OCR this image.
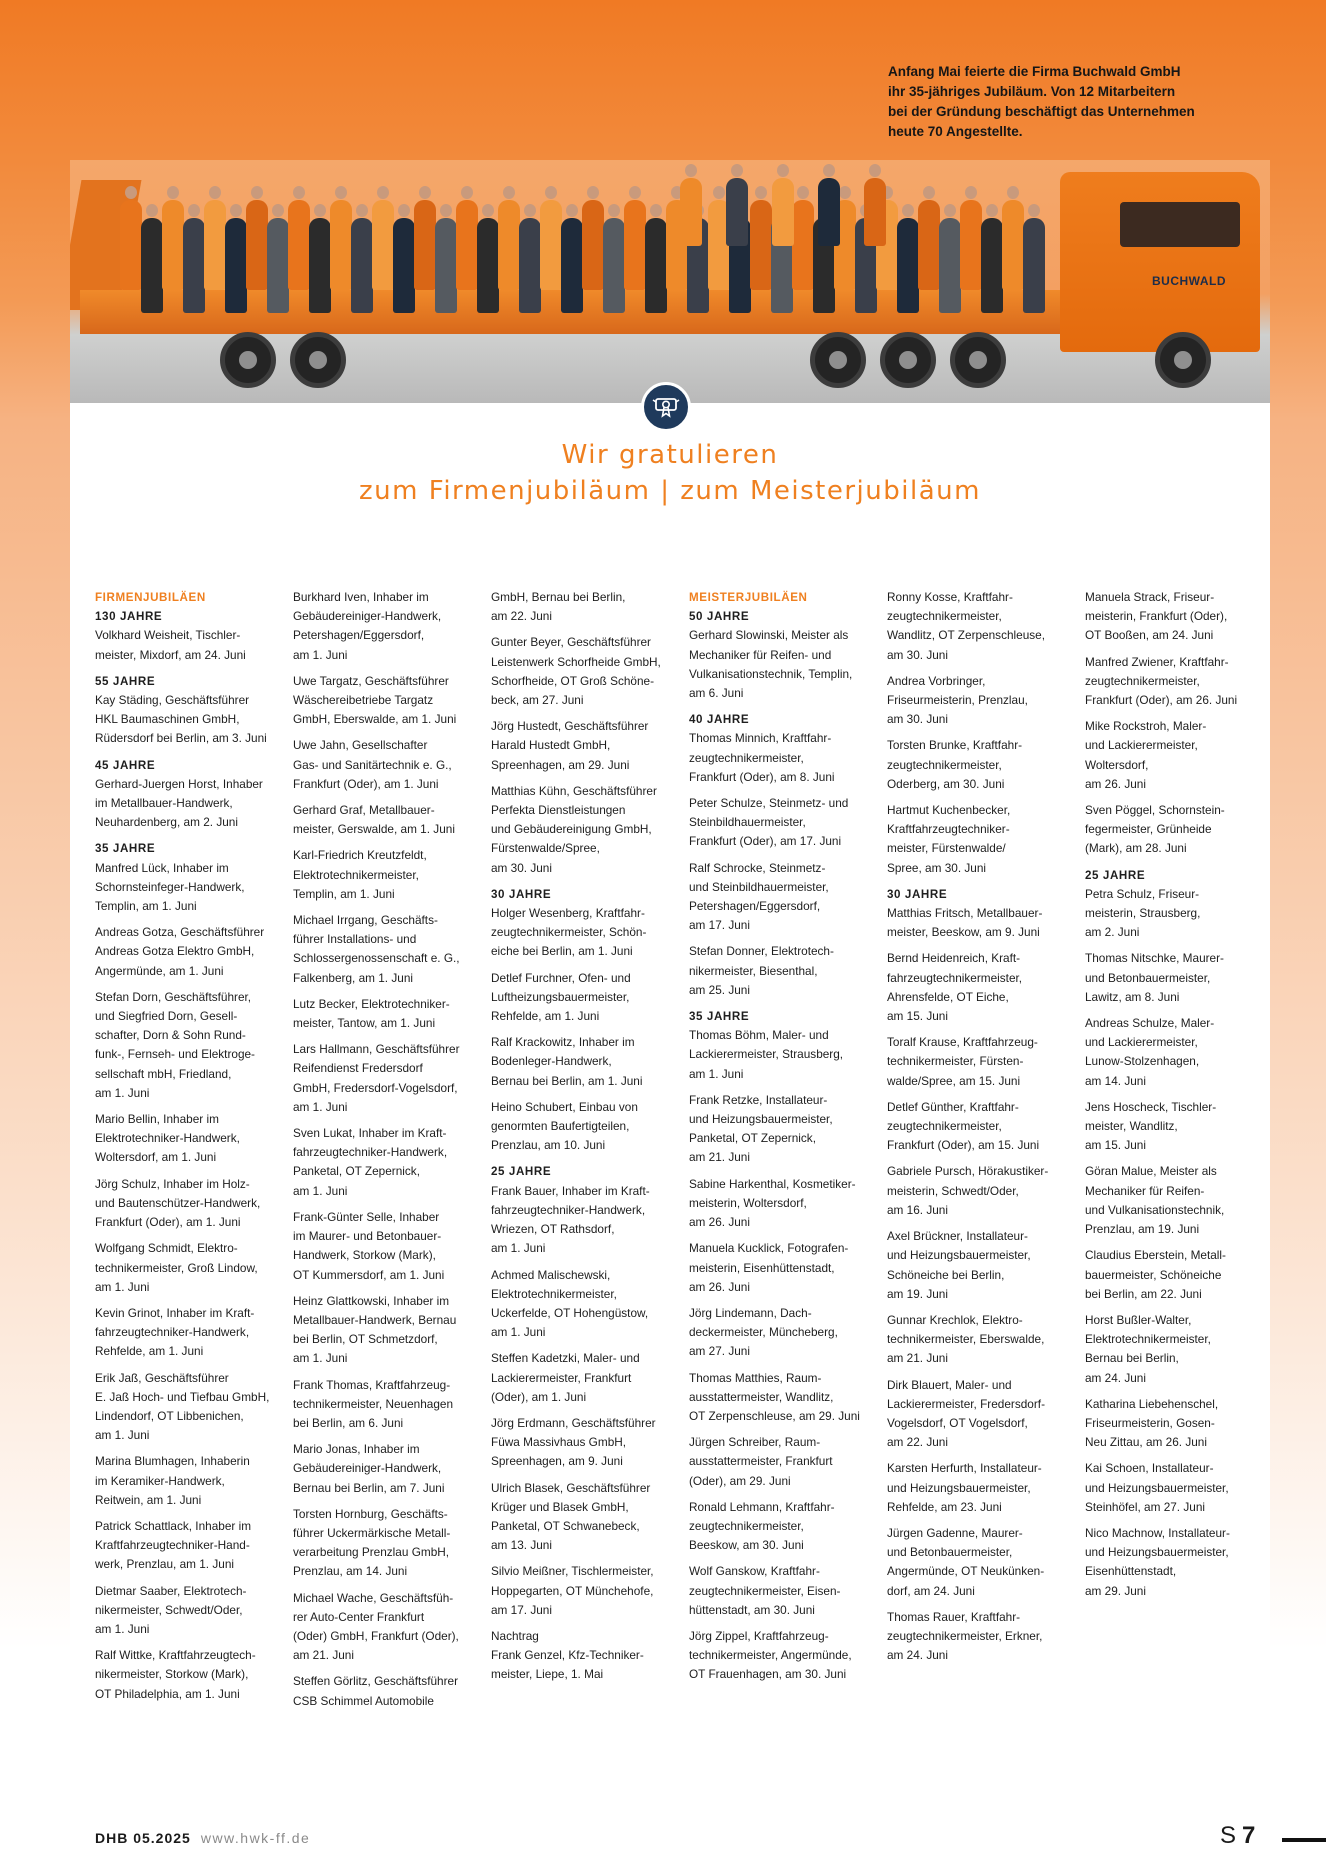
Anfang Mai feierte die Firma Buchwald GmbH
ihr 35-jähriges Jubiläum. Von 12 Mitarbeitern
bei der Gründung beschäftigt das Unternehmen
heute 70 Angestellte.
BUCHWALD
Wir gratulieren
zum Firmenjubiläum | zum Meisterjubiläum
FIRMENJUBILÄEN
130 JAHRE
Volkhard Weisheit, Tischler-
meister, Mixdorf, am 24. Juni
55 JAHRE
Kay Städing, Geschäftsführer
HKL Baumaschinen GmbH,
Rüdersdorf bei Berlin, am 3. Juni
45 JAHRE
Gerhard-Juergen Horst, Inhaber
im Metallbauer-Handwerk,
Neuhardenberg, am 2. Juni
35 JAHRE
Manfred Lück, Inhaber im
Schornsteinfeger-Handwerk,
Templin, am 1. Juni
Andreas Gotza, Geschäftsführer
Andreas Gotza Elektro GmbH,
Angermünde, am 1. Juni
Stefan Dorn, Geschäftsführer,
und Siegfried Dorn, Gesell-
schafter, Dorn & Sohn Rund-
funk-, Fernseh- und Elektroge-
sellschaft mbH, Friedland,
am 1. Juni
Mario Bellin, Inhaber im
Elektrotechniker-Handwerk,
Woltersdorf, am 1. Juni
Jörg Schulz, Inhaber im Holz-
und Bautenschützer-Handwerk,
Frankfurt (Oder), am 1. Juni
Wolfgang Schmidt, Elektro-
technikermeister, Groß Lindow,
am 1. Juni
Kevin Grinot, Inhaber im Kraft-
fahrzeugtechniker-Handwerk,
Rehfelde, am 1. Juni
Erik Jaß, Geschäftsführer
E. Jaß Hoch- und Tiefbau GmbH,
Lindendorf, OT Libbenichen,
am 1. Juni
Marina Blumhagen, Inhaberin
im Keramiker-Handwerk,
Reitwein, am 1. Juni
Patrick Schattlack, Inhaber im
Kraftfahrzeugtechniker-Hand-
werk, Prenzlau, am 1. Juni
Dietmar Saaber, Elektrotech-
nikermeister, Schwedt/Oder,
am 1. Juni
Ralf Wittke, Kraftfahrzeugtech-
nikermeister, Storkow (Mark),
OT Philadelphia, am 1. Juni
Burkhard Iven, Inhaber im
Gebäudereiniger-Handwerk,
Petershagen/Eggersdorf,
am 1. Juni
Uwe Targatz, Geschäftsführer
Wäschereibetriebe Targatz
GmbH, Eberswalde, am 1. Juni
Uwe Jahn, Gesellschafter
Gas- und Sanitärtechnik e. G.,
Frankfurt (Oder), am 1. Juni
Gerhard Graf, Metallbauer-
meister, Gerswalde, am 1. Juni
Karl-Friedrich Kreutzfeldt,
Elektrotechnikermeister,
Templin, am 1. Juni
Michael Irrgang, Geschäfts-
führer Installations- und
Schlossergenossenschaft e. G.,
Falkenberg, am 1. Juni
Lutz Becker, Elektrotechniker-
meister, Tantow, am 1. Juni
Lars Hallmann, Geschäftsführer
Reifendienst Fredersdorf
GmbH, Fredersdorf-Vogelsdorf,
am 1. Juni
Sven Lukat, Inhaber im Kraft-
fahrzeugtechniker-Handwerk,
Panketal, OT Zepernick,
am 1. Juni
Frank-Günter Selle, Inhaber
im Maurer- und Betonbauer-
Handwerk, Storkow (Mark),
OT Kummersdorf, am 1. Juni
Heinz Glattkowski, Inhaber im
Metallbauer-Handwerk, Bernau
bei Berlin, OT Schmetzdorf,
am 1. Juni
Frank Thomas, Kraftfahrzeug-
technikermeister, Neuenhagen
bei Berlin, am 6. Juni
Mario Jonas, Inhaber im
Gebäudereiniger-Handwerk,
Bernau bei Berlin, am 7. Juni
Torsten Hornburg, Geschäfts-
führer Uckermärkische Metall-
verarbeitung Prenzlau GmbH,
Prenzlau, am 14. Juni
Michael Wache, Geschäftsfüh-
rer Auto-Center Frankfurt
(Oder) GmbH, Frankfurt (Oder),
am 21. Juni
Steffen Görlitz, Geschäftsführer
CSB Schimmel Automobile
GmbH, Bernau bei Berlin,
am 22. Juni
Gunter Beyer, Geschäftsführer
Leistenwerk Schorfheide GmbH,
Schorfheide, OT Groß Schöne-
beck, am 27. Juni
Jörg Hustedt, Geschäftsführer
Harald Hustedt GmbH,
Spreenhagen, am 29. Juni
Matthias Kühn, Geschäftsführer
Perfekta Dienstleistungen
und Gebäudereinigung GmbH,
Fürstenwalde/Spree,
am 30. Juni
30 JAHRE
Holger Wesenberg, Kraftfahr-
zeugtechnikermeister, Schön-
eiche bei Berlin, am 1. Juni
Detlef Furchner, Ofen- und
Luftheizungsbauermeister,
Rehfelde, am 1. Juni
Ralf Krackowitz, Inhaber im
Bodenleger-Handwerk,
Bernau bei Berlin, am 1. Juni
Heino Schubert, Einbau von
genormten Baufertigteilen,
Prenzlau, am 10. Juni
25 JAHRE
Frank Bauer, Inhaber im Kraft-
fahrzeugtechniker-Handwerk,
Wriezen, OT Rathsdorf,
am 1. Juni
Achmed Malischewski,
Elektrotechnikermeister,
Uckerfelde, OT Hohengüstow,
am 1. Juni
Steffen Kadetzki, Maler- und
Lackierermeister, Frankfurt
(Oder), am 1. Juni
Jörg Erdmann, Geschäftsführer
Füwa Massivhaus GmbH,
Spreenhagen, am 9. Juni
Ulrich Blasek, Geschäftsführer
Krüger und Blasek GmbH,
Panketal, OT Schwanebeck,
am 13. Juni
Silvio Meißner, Tischlermeister,
Hoppegarten, OT Münchehofe,
am 17. Juni
Nachtrag
Frank Genzel, Kfz-Techniker-
meister, Liepe, 1. Mai
MEISTERJUBILÄEN
50 JAHRE
Gerhard Slowinski, Meister als
Mechaniker für Reifen- und
Vulkanisationstechnik, Templin,
am 6. Juni
40 JAHRE
Thomas Minnich, Kraftfahr-
zeugtechnikermeister,
Frankfurt (Oder), am 8. Juni
Peter Schulze, Steinmetz- und
Steinbildhauermeister,
Frankfurt (Oder), am 17. Juni
Ralf Schrocke, Steinmetz-
und Steinbildhauermeister,
Petershagen/Eggersdorf,
am 17. Juni
Stefan Donner, Elektrotech-
nikermeister, Biesenthal,
am 25. Juni
35 JAHRE
Thomas Böhm, Maler- und
Lackierermeister, Strausberg,
am 1. Juni
Frank Retzke, Installateur-
und Heizungsbauermeister,
Panketal, OT Zepernick,
am 21. Juni
Sabine Harkenthal, Kosmetiker-
meisterin, Woltersdorf,
am 26. Juni
Manuela Kucklick, Fotografen-
meisterin, Eisenhüttenstadt,
am 26. Juni
Jörg Lindemann, Dach-
deckermeister, Müncheberg,
am 27. Juni
Thomas Matthies, Raum-
ausstattermeister, Wandlitz,
OT Zerpenschleuse, am 29. Juni
Jürgen Schreiber, Raum-
ausstattermeister, Frankfurt
(Oder), am 29. Juni
Ronald Lehmann, Kraftfahr-
zeugtechnikermeister,
Beeskow, am 30. Juni
Wolf Ganskow, Kraftfahr-
zeugtechnikermeister, Eisen-
hüttenstadt, am 30. Juni
Jörg Zippel, Kraftfahrzeug-
technikermeister, Angermünde,
OT Frauenhagen, am 30. Juni
Ronny Kosse, Kraftfahr-
zeugtechnikermeister,
Wandlitz, OT Zerpenschleuse,
am 30. Juni
Andrea Vorbringer,
Friseurmeisterin, Prenzlau,
am 30. Juni
Torsten Brunke, Kraftfahr-
zeugtechnikermeister,
Oderberg, am 30. Juni
Hartmut Kuchenbecker,
Kraftfahrzeugtechniker-
meister, Fürstenwalde/
Spree, am 30. Juni
30 JAHRE
Matthias Fritsch, Metallbauer-
meister, Beeskow, am 9. Juni
Bernd Heidenreich, Kraft-
fahrzeugtechnikermeister,
Ahrensfelde, OT Eiche,
am 15. Juni
Toralf Krause, Kraftfahrzeug-
technikermeister, Fürsten-
walde/Spree, am 15. Juni
Detlef Günther, Kraftfahr-
zeugtechnikermeister,
Frankfurt (Oder), am 15. Juni
Gabriele Pursch, Hörakustiker-
meisterin, Schwedt/Oder,
am 16. Juni
Axel Brückner, Installateur-
und Heizungsbauermeister,
Schöneiche bei Berlin,
am 19. Juni
Gunnar Krechlok, Elektro-
technikermeister, Eberswalde,
am 21. Juni
Dirk Blauert, Maler- und
Lackierermeister, Fredersdorf-
Vogelsdorf, OT Vogelsdorf,
am 22. Juni
Karsten Herfurth, Installateur-
und Heizungsbauermeister,
Rehfelde, am 23. Juni
Jürgen Gadenne, Maurer-
und Betonbauermeister,
Angermünde, OT Neukünken-
dorf, am 24. Juni
Thomas Rauer, Kraftfahr-
zeugtechnikermeister, Erkner,
am 24. Juni
Manuela Strack, Friseur-
meisterin, Frankfurt (Oder),
OT Booßen, am 24. Juni
Manfred Zwiener, Kraftfahr-
zeugtechnikermeister,
Frankfurt (Oder), am 26. Juni
Mike Rockstroh, Maler-
und Lackierermeister,
Woltersdorf,
am 26. Juni
Sven Pöggel, Schornstein-
fegermeister, Grünheide
(Mark), am 28. Juni
25 JAHRE
Petra Schulz, Friseur-
meisterin, Strausberg,
am 2. Juni
Thomas Nitschke, Maurer-
und Betonbauermeister,
Lawitz, am 8. Juni
Andreas Schulze, Maler-
und Lackierermeister,
Lunow-Stolzenhagen,
am 14. Juni
Jens Hoscheck, Tischler-
meister, Wandlitz,
am 15. Juni
Göran Malue, Meister als
Mechaniker für Reifen-
und Vulkanisationstechnik,
Prenzlau, am 19. Juni
Claudius Eberstein, Metall-
bauermeister, Schöneiche
bei Berlin, am 22. Juni
Horst Bußler-Walter,
Elektrotechnikermeister,
Bernau bei Berlin,
am 24. Juni
Katharina Liebehenschel,
Friseurmeisterin, Gosen-
Neu Zittau, am 26. Juni
Kai Schoen, Installateur-
und Heizungsbauermeister,
Steinhöfel, am 27. Juni
Nico Machnow, Installateur-
und Heizungsbauermeister,
Eisenhüttenstadt,
am 29. Juni
DHB 05.2025 www.hwk-ff.de	S 7
